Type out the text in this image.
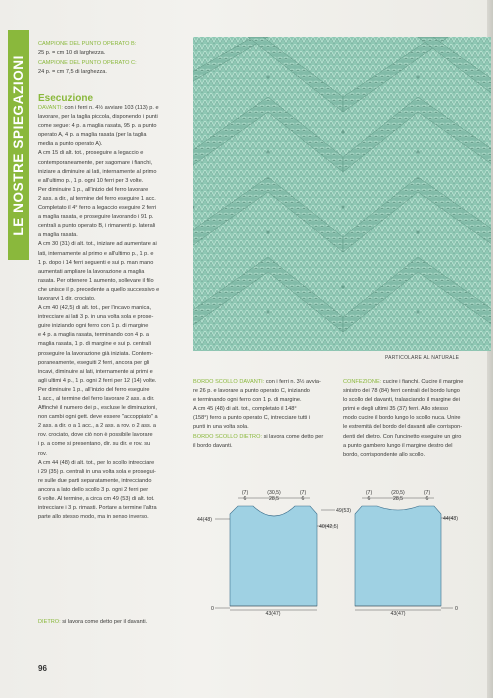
LE NOSTRE SPIEGAZIONI
CAMPIONE DEL PUNTO OPERATO B:
25 p. = cm 10 di larghezza.
CAMPIONE DEL PUNTO OPERATO C:
24 p. = cm 7,5 di larghezza.
Esecuzione
DAVANTI: con i ferri n. 4½ avviare 103 (113) p. e
lavorare, per la taglia piccola, disponendo i punti
come segue: 4 p. a maglia rasata, 95 p. a punto
operato A, 4 p. a maglia rasata (per la taglia
media a punto operato A).
A cm 15 di alt. tot., proseguire a legaccio e
contemporaneamente, per sagomare i fianchi,
iniziare a diminuire ai lati, internamente al primo
e all'ultimo p., 1 p. ogni 10 ferri per 3 volte.
Per diminuire 1 p., all'inizio del ferro lavorare
2 ass. a dir., al termine del ferro eseguire 1 acc.
Completato il 4° ferro a legaccio eseguire 2 ferri
a maglia rasata, e proseguire lavorando i 91 p.
centrali a punto operato B, i rimanenti p. laterali
a maglia rasata.
A cm 30 (31) di alt. tot., iniziare ad aumentare ai
lati, internamente al primo e all'ultimo p., 1 p. e
1 p. dopo i 14 ferri seguenti e sui p. man mano
aumentati ampliare la lavorazione a maglia
rasata. Per ottenere 1 aumento, sollevare il filo
che unisce il p. precedente a quello successivo e
lavorarvi 1 dir. crociato.
A cm 40 (42,5) di alt. tot., per l'incavo manica,
intrecciare ai lati 3 p. in una volta sola e prose-
guire iniziando ogni ferro con 1 p. di margine
e 4 p. a maglia rasata, terminando con 4 p. a
maglia rasata, 1 p. di margine e sui p. centrali
proseguire la lavorazione già iniziata. Contem-
poraneamente, eseguiti 2 ferri, ancora per gli
incavi, diminuire ai lati, internamente ai primi e
agli ultimi 4 p., 1 p. ogni 2 ferri per 12 (14) volte.
Per diminuire 1 p., all'inizio del ferro eseguire
1 acc., al termine del ferro lavorare 2 ass. a dir.
Affinché il numero dei p., escluse le diminuzioni,
non cambi ogni gett. deve essere "accoppiato" a
2 ass. a dir. o a 1 acc., a 2 ass. a rov. o 2 ass. a
rov. crociato, dove ciò non è possibile lavorare
i p. a come si presentano, dir. su dir. e rov. su
rov.
A cm 44 (48) di alt. tot., per lo scollo intrecciare
i 29 (35) p. centrali in una volta sola e prosegui-
re sulle due parti separatamente, intrecciando
ancora a lato dello scollo 3 p. ogni 2 ferri per
6 volte. Al termine, a circa cm 49 (53) di alt. tot.
intrecciare i 3 p. rimasti. Portare a termine l'altra
parte allo stesso modo, ma in senso inverso.
DIETRO: si lavora come detto per il davanti.
PARTICOLARE AL NATURALE
BORDO SCOLLO DAVANTI: con i ferri n. 3½ avvia-
re 26 p. e lavorare a punto operato C, iniziando
e terminando ogni ferro con 1 p. di margine.
A cm 45 (48) di alt. tot., completato il 148°
(158°) ferro a punto operato C, intrecciare tutti i
punti in una volta sola.
BORDO SCOLLO DIETRO: si lavora come detto per
il bordo davanti.
CONFEZIONE: cucire i fianchi. Cucire il margine
sinistro dei 78 (84) ferri centrali del bordo lungo
lo scollo del davanti, tralasciando il margine dei
primi e degli ultimi 35 (37) ferri. Allo stesso
modo cucire il bordo lungo lo scollo nuca. Unire
le estremità del bordo del davanti alle corrispon-
denti del dietro. Con l'uncinetto eseguire un giro
a punto gambero lungo il margine destro del
bordo, corrispondente allo scollo.
(7)
6
(30,5)
28,5
(7)
6
(7)
6
(20,5)
28,5
(7)
6
49(53)
40(42,5)
44(48)	44(48)
43(47)	43(47)
0	0
96
